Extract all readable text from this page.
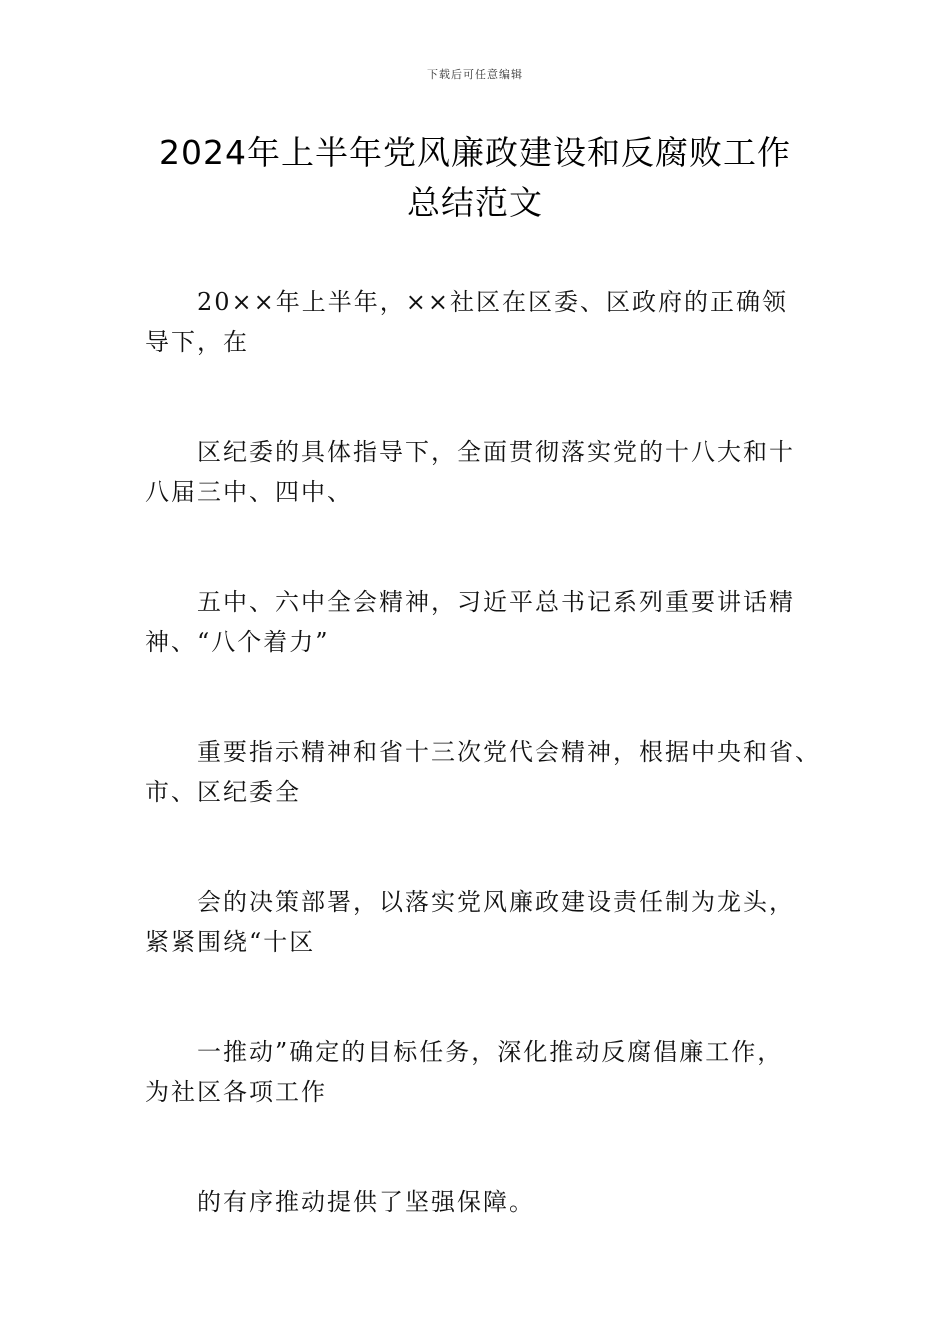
下载后可任意编辑
2024年上半年党风廉政建设和反腐败工作
总结范文

20××年上半年，××社区在区委、区政府的正确领
导下，在

区纪委的具体指导下，全面贯彻落实党的十八大和十
八届三中、四中、

五中、六中全会精神，习近平总书记系列重要讲话精
神、“八个着力”

重要指示精神和省十三次党代会精神，根据中央和省、
市、区纪委全

会的决策部署，以落实党风廉政建设责任制为龙头，
紧紧围绕“十区

一推动”确定的目标任务，深化推动反腐倡廉工作，
为社区各项工作

的有序推动提供了坚强保障。
